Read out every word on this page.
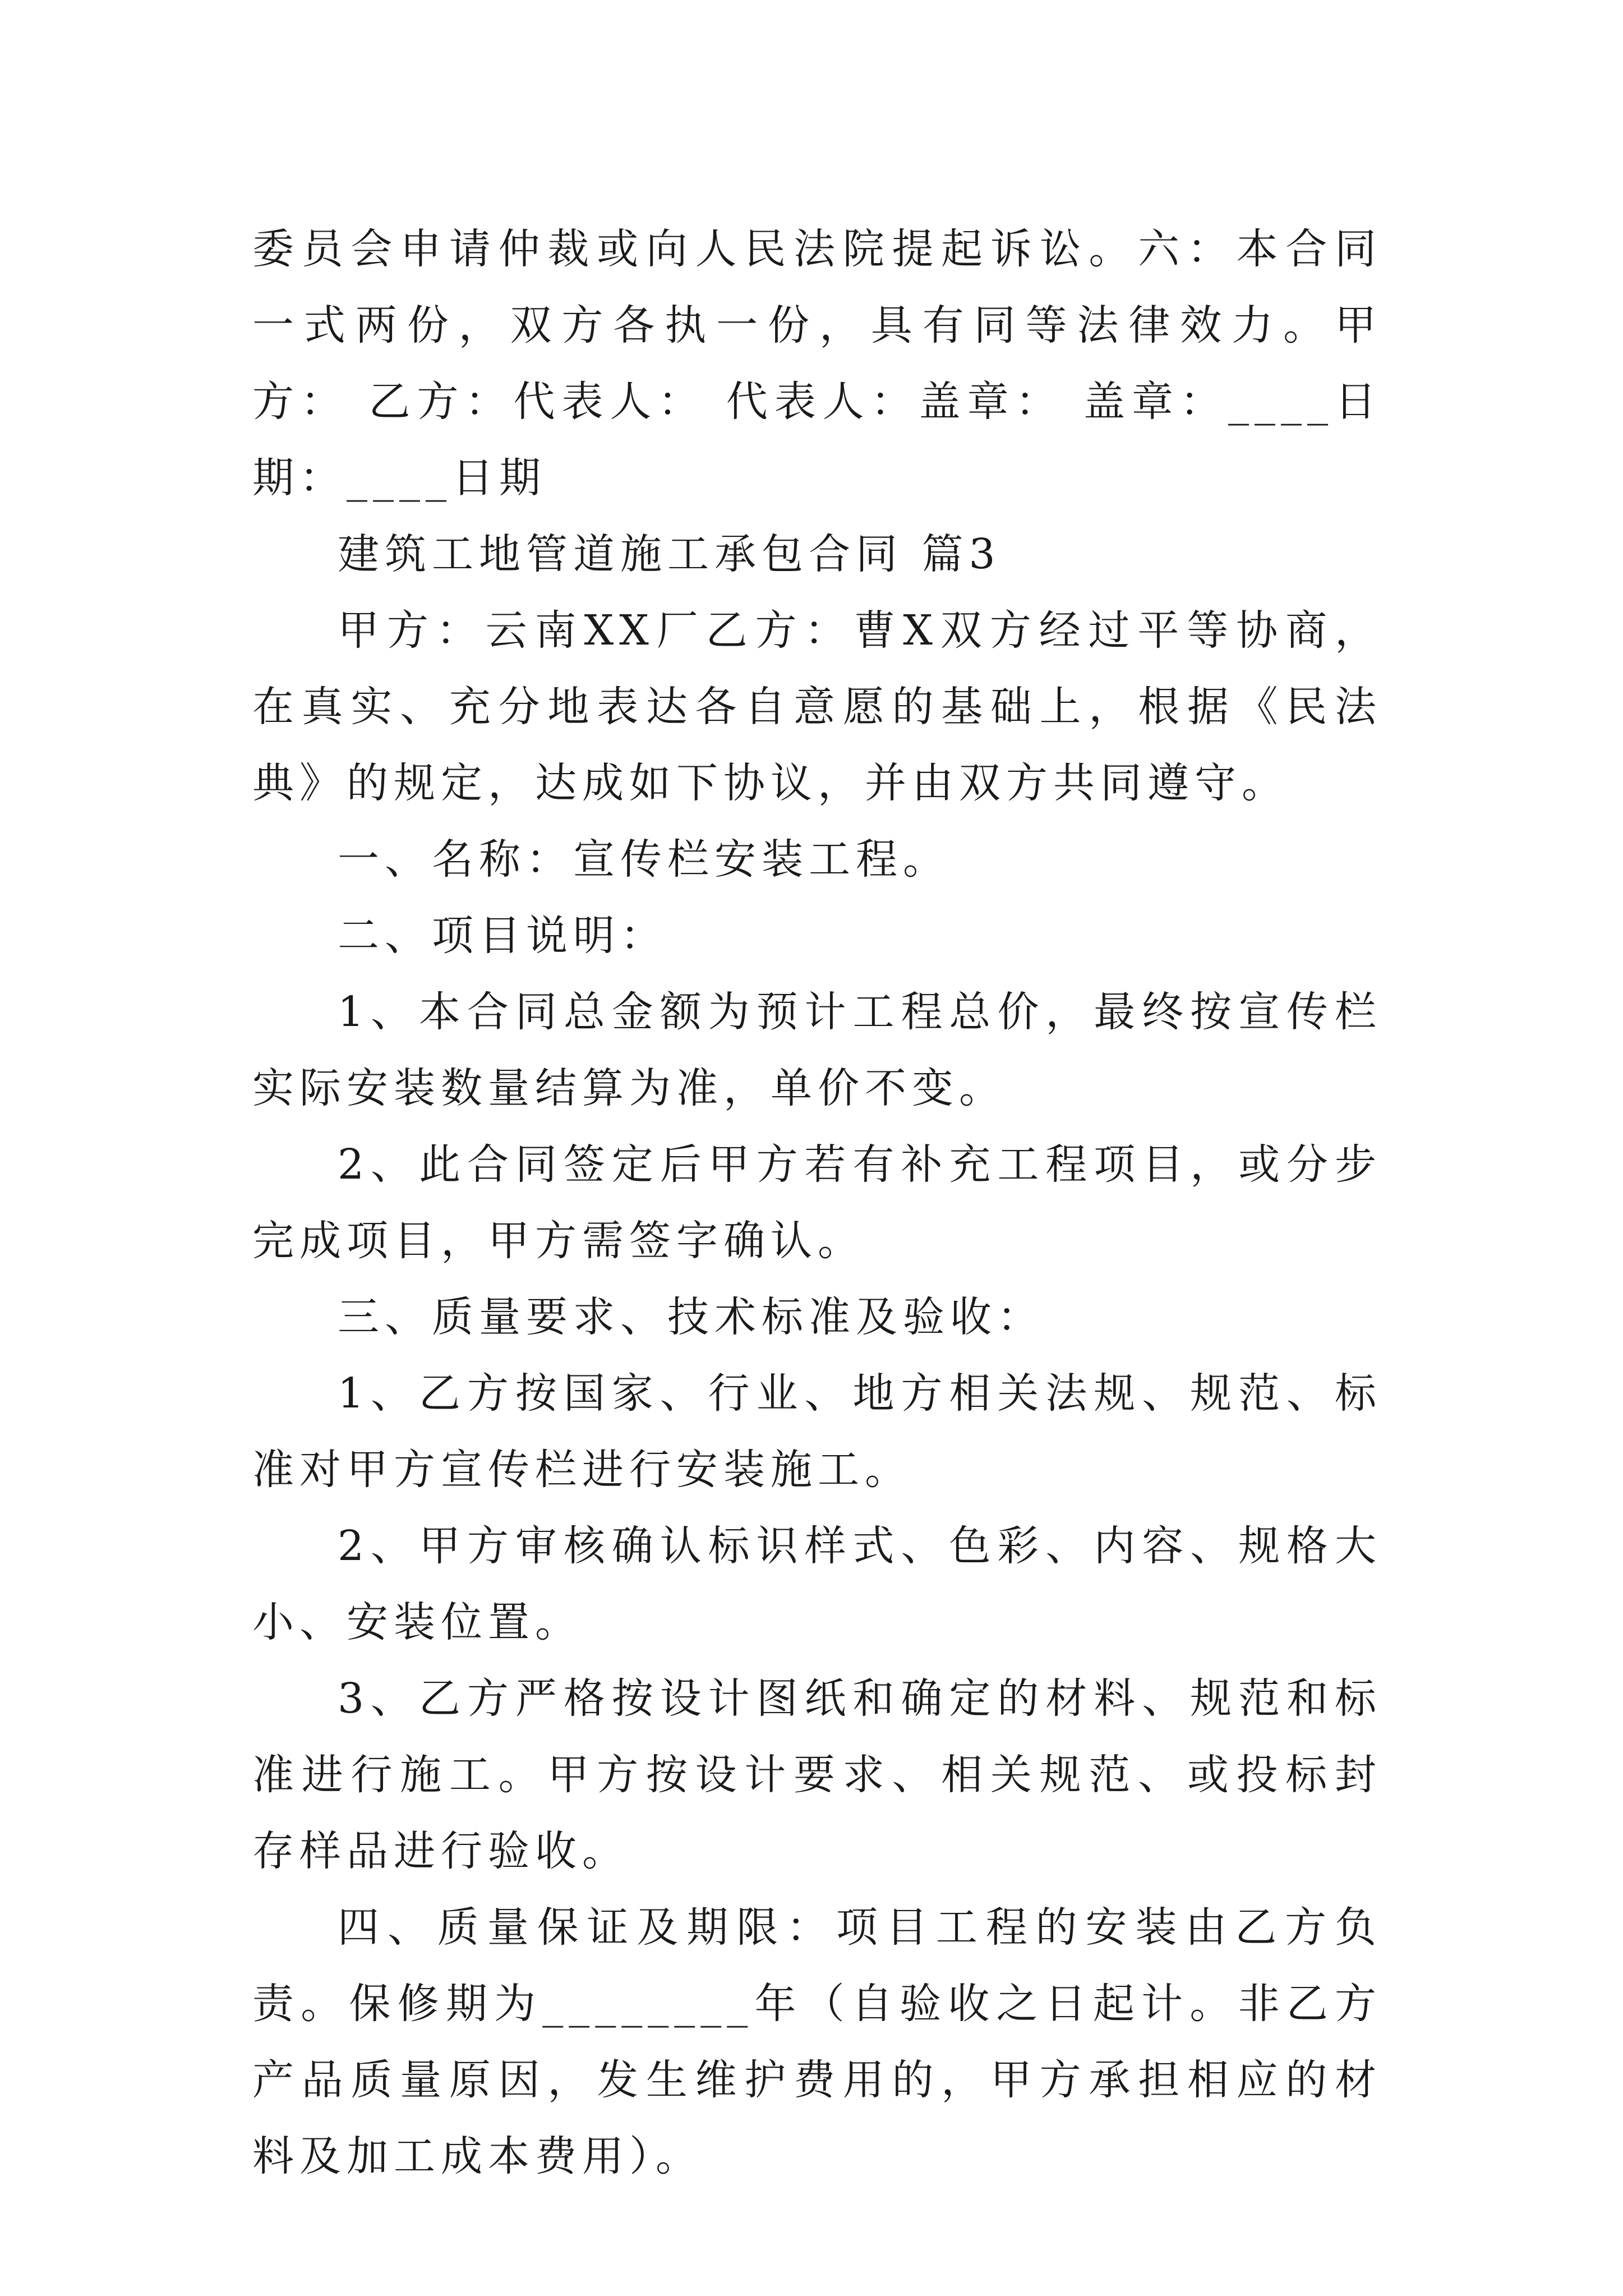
委员会申请仲裁或向人民法院提起诉讼。六：本合同一式两份，双方各执一份，具有同等法律效力。甲方： 乙方：代表人： 代表人：盖章： 盖章：____日期：____日期

建筑工地管道施工承包合同 篇3

甲方：云南XX厂乙方：曹X双方经过平等协商，在真实、充分地表达各自意愿的基础上，根据《民法典》的规定，达成如下协议，并由双方共同遵守。

一、名称：宣传栏安装工程。

二、项目说明：

1、本合同总金额为预计工程总价，最终按宣传栏实际安装数量结算为准，单价不变。

2、此合同签定后甲方若有补充工程项目，或分步完成项目，甲方需签字确认。

三、质量要求、技术标准及验收：

1、乙方按国家、行业、地方相关法规、规范、标准对甲方宣传栏进行安装施工。

2、甲方审核确认标识样式、色彩、内容、规格大小、安装位置。

3、乙方严格按设计图纸和确定的材料、规范和标准进行施工。甲方按设计要求、相关规范、或投标封存样品进行验收。

四、质量保证及期限：项目工程的安装由乙方负责。保修期为________年（自验收之日起计。非乙方产品质量原因，发生维护费用的，甲方承担相应的材料及加工成本费用）。
